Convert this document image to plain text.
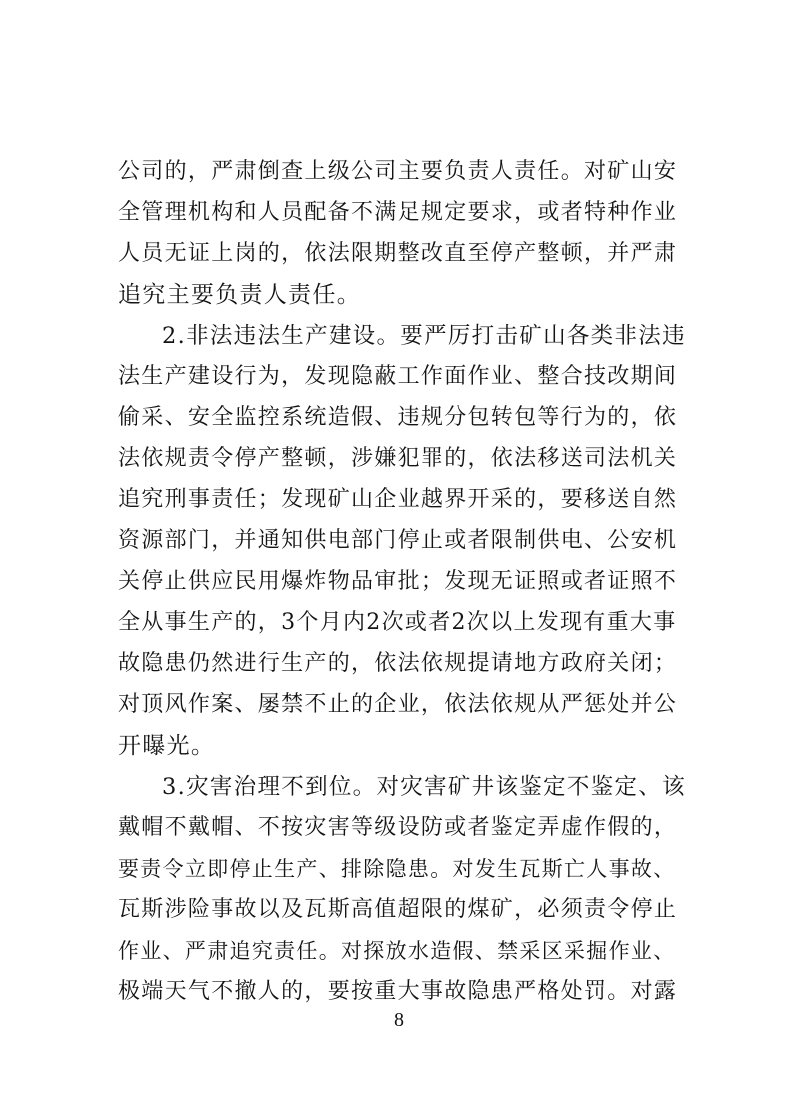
公司的，严肃倒查上级公司主要负责人责任。对矿山安
全管理机构和人员配备不满足规定要求，或者特种作业
人员无证上岗的，依法限期整改直至停产整顿，并严肃
追究主要负责人责任。
2.非法违法生产建设。要严厉打击矿山各类非法违
法生产建设行为，发现隐蔽工作面作业、整合技改期间
偷采、安全监控系统造假、违规分包转包等行为的，依
法依规责令停产整顿，涉嫌犯罪的，依法移送司法机关
追究刑事责任；发现矿山企业越界开采的，要移送自然
资源部门，并通知供电部门停止或者限制供电、公安机
关停止供应民用爆炸物品审批；发现无证照或者证照不
全从事生产的，3个月内2次或者2次以上发现有重大事
故隐患仍然进行生产的，依法依规提请地方政府关闭；
对顶风作案、屡禁不止的企业，依法依规从严惩处并公
开曝光。
3.灾害治理不到位。对灾害矿井该鉴定不鉴定、该
戴帽不戴帽、不按灾害等级设防或者鉴定弄虚作假的，
要责令立即停止生产、排除隐患。对发生瓦斯亡人事故、
瓦斯涉险事故以及瓦斯高值超限的煤矿，必须责令停止
作业、严肃追究责任。对探放水造假、禁采区采掘作业、
极端天气不撤人的，要按重大事故隐患严格处罚。对露
8
